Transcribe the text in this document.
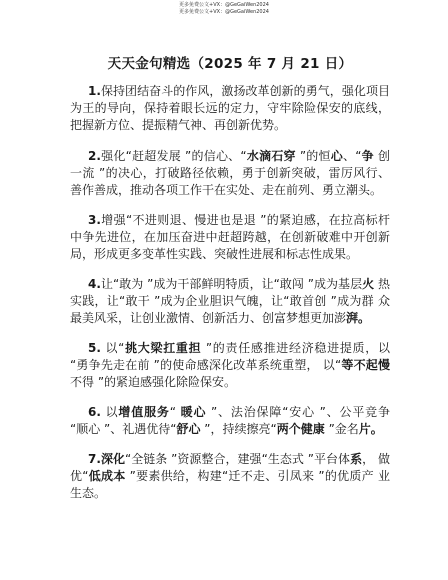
更多免费公文+VX：@GeGaiWen2024
更多免费公文+VX：@GeGaiWen2024
天天金句精选（2025 年 7 月 21 日）

1.保持团结奋斗的作风，激扬改革创新的勇气，强化项目为王的导向，保持着眼长远的定力，守牢除险保安的底线，把握新方位、提振精气神、再创新优势。

2.强化“赶超发展 ”的信心、“水滴石穿 ”的恒心、“争 创一流 ”的决心，打破路径依赖，勇于创新突破，雷厉风行、 善作善成，推动各项工作干在实处、走在前列、勇立潮头。

3.增强“不进则退、慢进也是退 ”的紧迫感，在拉高标杆中争先进位，在加压奋进中赶超跨越，在创新破难中开创新局，形成更多变革性实践、突破性进展和标志性成果。

4.让“敢为 ”成为干部鲜明特质，让“敢闯 ”成为基层火 热实践，让“敢干 ”成为企业胆识气魄，让“敢首创 ”成为群 众最美风采，让创业激情、创新活力、创富梦想更加澎湃。

5. 以“挑大梁扛重担 ”的责任感推进经济稳进提质，以 “勇争先走在前 ”的使命感深化改革系统重塑， 以“等不起慢不得 ”的紧迫感强化除险保安。

6. 以增值服务“ 暖心 ”、法治保障“安心 ”、公平竞争 “顺心 ”、礼遇优待“舒心 ”，持续擦亮“两个健康 ”金名片。

7.深化“全链条 ”资源整合，建强“生态式 ”平台体系， 做优“低成本 ”要素供给，构建“迁不走、引凤来 ”的优质产 业生态。
